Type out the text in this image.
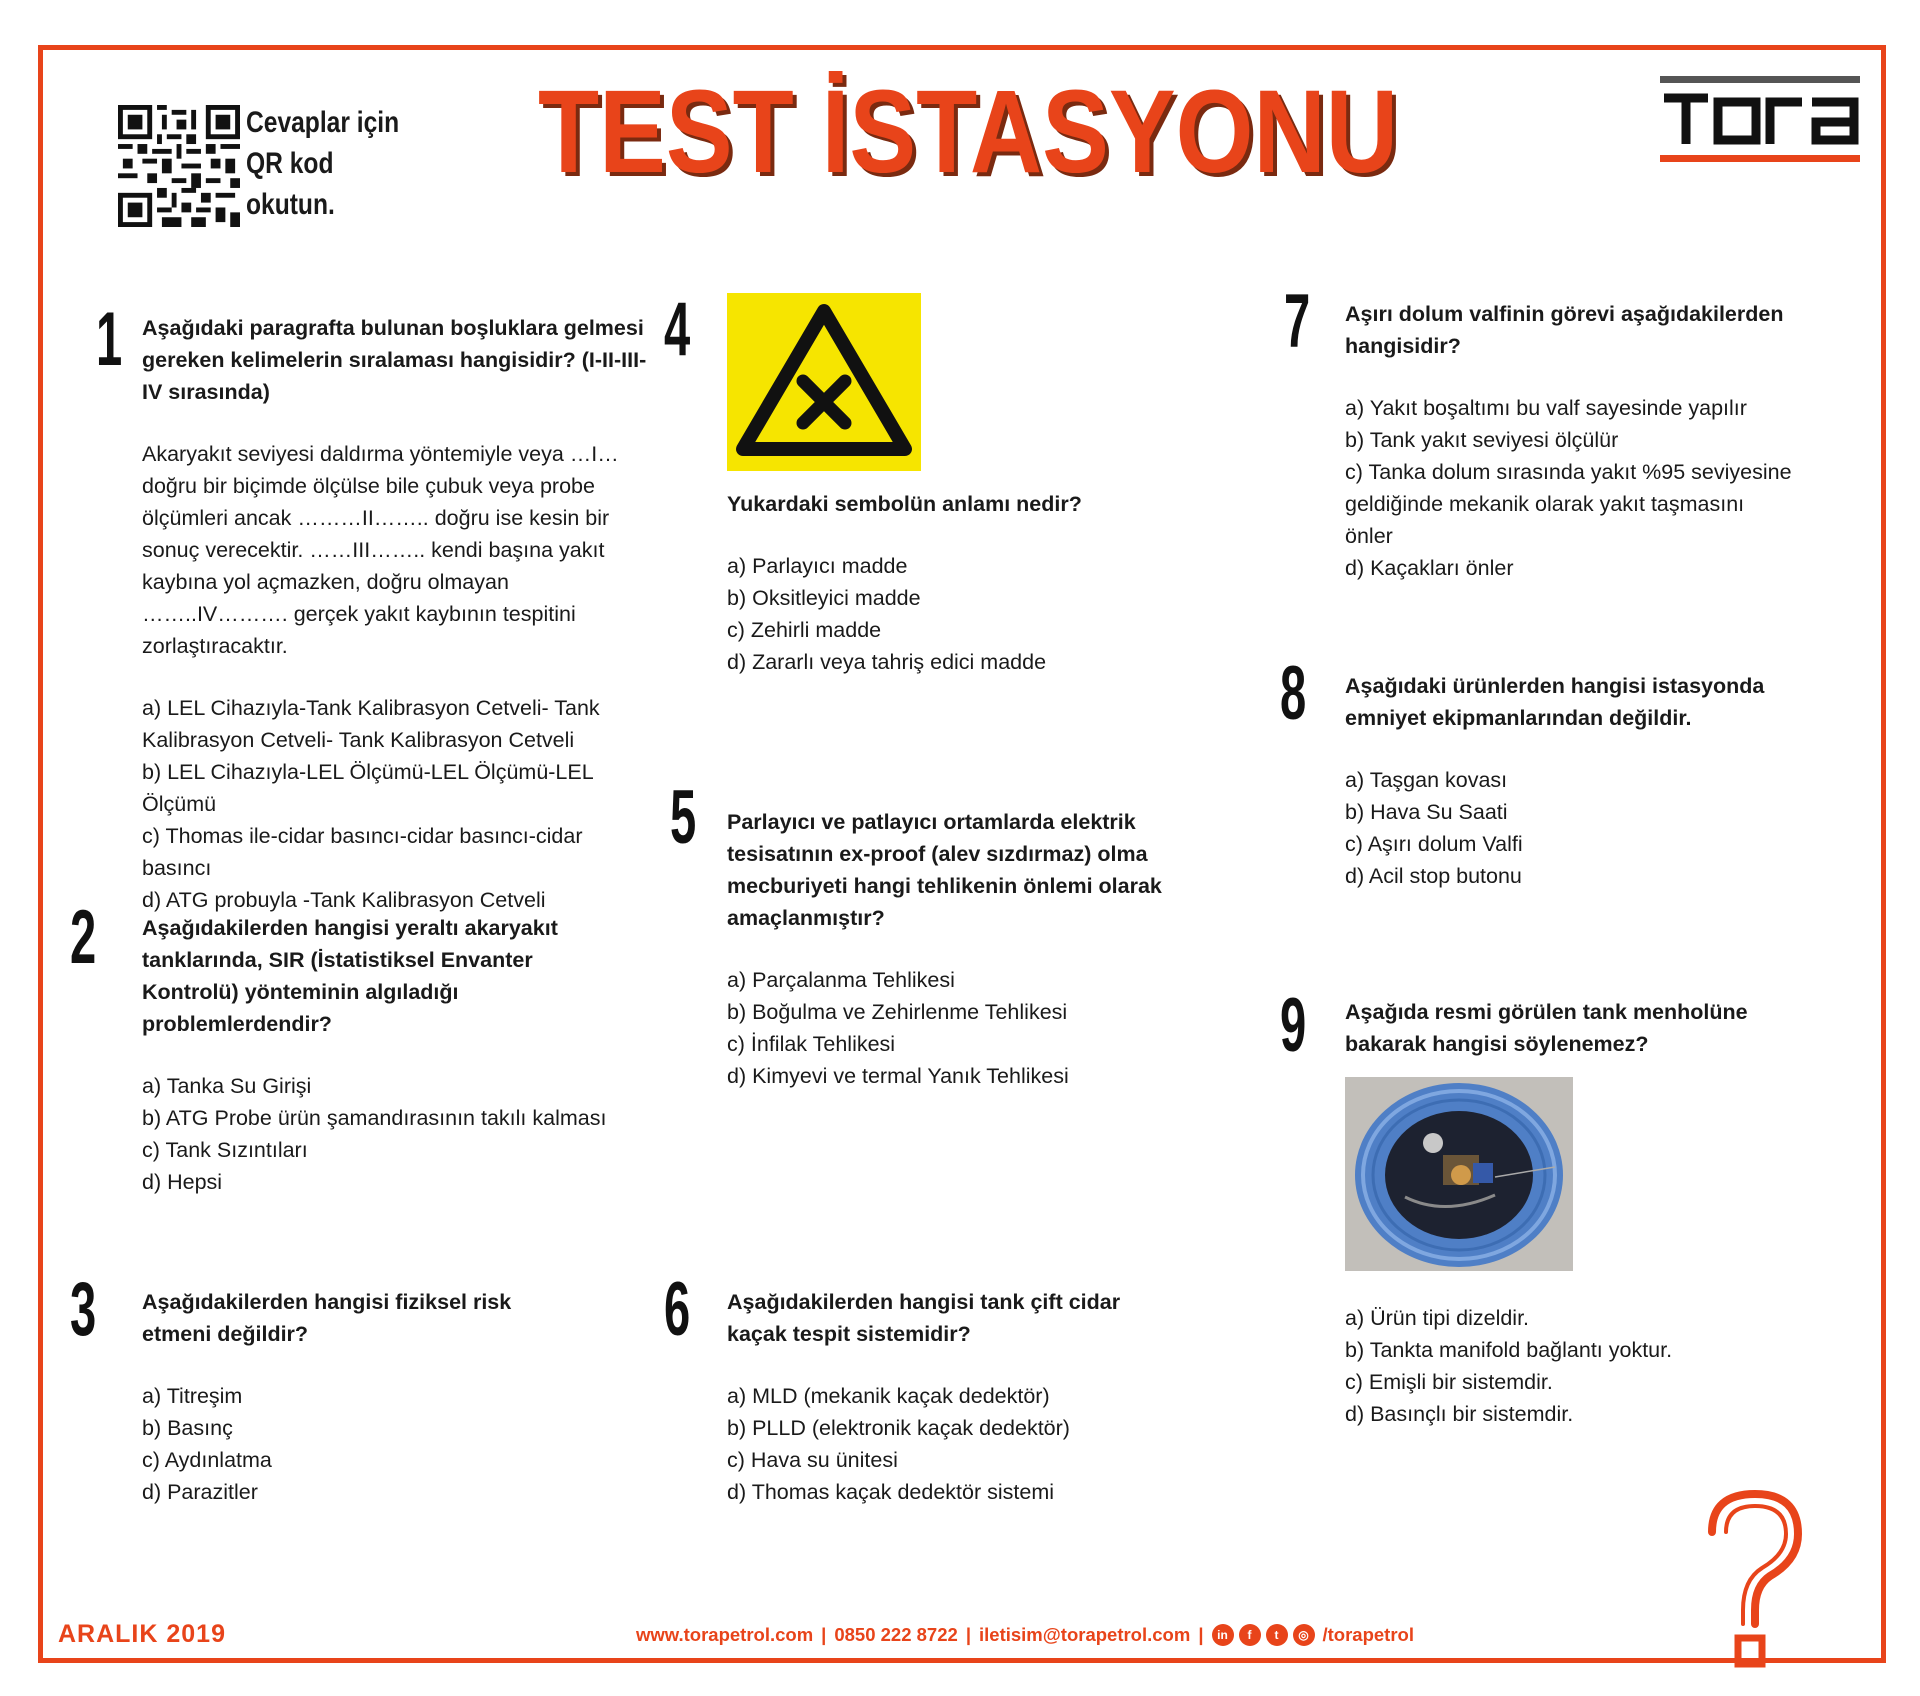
Cevaplar için
QR kod
okutun.
TEST İSTASYONU
TEST İSTASYONU
1
2
3
4
5
6
7
8
9
Aşağıdaki paragrafta bulunan boşluklara gelmesi gereken kelimelerin sıralaması hangisidir? (I-II-III-IV sırasında)
Akaryakıt seviyesi daldırma yöntemiyle veya …I… doğru bir biçimde ölçülse bile çubuk veya probe ölçümleri ancak ………II…….. doğru ise kesin bir sonuç verecektir. ……III…….. kendi başına yakıt kaybına yol açmazken, doğru olmayan ……..IV………. gerçek yakıt kaybının tespitini zorlaştıracaktır.
a) LEL Cihazıyla-Tank Kalibrasyon Cetveli- Tank Kalibrasyon Cetveli- Tank Kalibrasyon Cetveli
b) LEL Cihazıyla-LEL Ölçümü-LEL Ölçümü-LEL Ölçümü
c) Thomas ile-cidar basıncı-cidar basıncı-cidar basıncı
d) ATG probuyla -Tank Kalibrasyon Cetveli
Aşağıdakilerden hangisi yeraltı akaryakıt tanklarında, SIR (İstatistiksel Envanter Kontrolü) yönteminin algıladığı problemlerdendir?
a) Tanka Su Girişi
b) ATG Probe ürün şamandırasının takılı kalması
c) Tank Sızıntıları
d) Hepsi
Aşağıdakilerden hangisi fiziksel risk etmeni değildir?
a) Titreşim
b) Basınç
c) Aydınlatma
d) Parazitler
Yukardaki sembolün anlamı nedir?
a) Parlayıcı madde
b) Oksitleyici madde
c) Zehirli madde
d) Zararlı veya tahriş edici madde
Parlayıcı ve patlayıcı ortamlarda elektrik tesisatının ex-proof (alev sızdırmaz) olma mecburiyeti hangi tehlikenin önlemi olarak amaçlanmıştır?
a) Parçalanma Tehlikesi
b) Boğulma ve Zehirlenme Tehlikesi
c) İnfilak Tehlikesi
d) Kimyevi ve termal Yanık Tehlikesi
Aşağıdakilerden hangisi tank çift cidar kaçak tespit sistemidir?
a) MLD (mekanik kaçak dedektör)
b) PLLD (elektronik kaçak dedektör)
c) Hava su ünitesi
d) Thomas kaçak dedektör sistemi
Aşırı dolum valfinin görevi aşağıdakilerden hangisidir?
a) Yakıt boşaltımı bu valf sayesinde yapılır
b) Tank yakıt seviyesi ölçülür
c) Tanka dolum sırasında yakıt %95 seviyesine geldiğinde mekanik olarak yakıt taşmasını önler
d) Kaçakları önler
Aşağıdaki ürünlerden hangisi istasyonda emniyet ekipmanlarından değildir.
a) Taşgan kovası
b) Hava Su Saati
c) Aşırı dolum Valfi
d) Acil stop butonu
Aşağıda resmi görülen tank menholüne bakarak hangisi söylenemez?
a) Ürün tipi dizeldir.
b) Tankta manifold bağlantı yoktur.
c) Emişli bir sistemdir.
d) Basınçlı bir sistemdir.
ARALIK 2019	www.torapetrol.com | 0850 222 8722 | iletisim@torapetrol.com |	in	f	t	◎ /torapetrol
